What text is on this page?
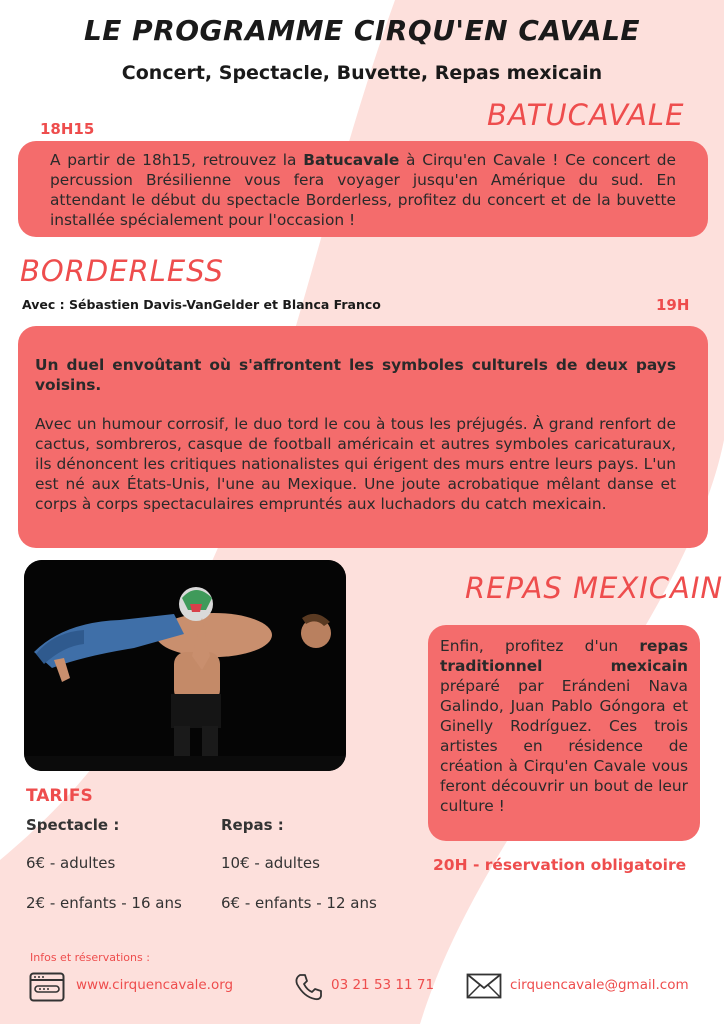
LE PROGRAMME CIRQU'EN CAVALE
Concert, Spectacle, Buvette, Repas mexicain
BATUCAVALE
18H15
A partir de 18h15, retrouvez la Batucavale à Cirqu'en Cavale ! Ce concert de percussion Brésilienne vous fera voyager jusqu'en Amérique du sud. En attendant le début du spectacle Borderless, profitez du concert et de la buvette installée spécialement pour l'occasion !
BORDERLESS
Avec : Sébastien Davis-VanGelder et Blanca Franco	19H
Un duel envoûtant où s'affrontent les symboles culturels de deux pays voisins.
Avec un humour corrosif, le duo tord le cou à tous les préjugés. À grand renfort de cactus, sombreros, casque de football américain et autres symboles caricaturaux, ils dénoncent les critiques nationalistes qui érigent des murs entre leurs pays. L'un est né aux États-Unis, l'une au Mexique. Une joute acrobatique mêlant danse et corps à corps spectaculaires empruntés aux luchadors du catch mexicain.
REPAS MEXICAIN
Enfin, profitez d'un repas traditionnel mexicain préparé par Erándeni Nava Galindo, Juan Pablo Góngora et Ginelly Rodríguez. Ces trois artistes en résidence de création à Cirqu'en Cavale vous feront découvrir un bout de leur culture !
20H - réservation obligatoire
TARIFS
Spectacle :
6€ - adultes
2€ - enfants - 16 ans
Repas :
10€ - adultes
6€ - enfants - 12 ans
Infos et réservations :
www.cirquencavale.org	03 21 53 11 71	cirquencavale@gmail.com
